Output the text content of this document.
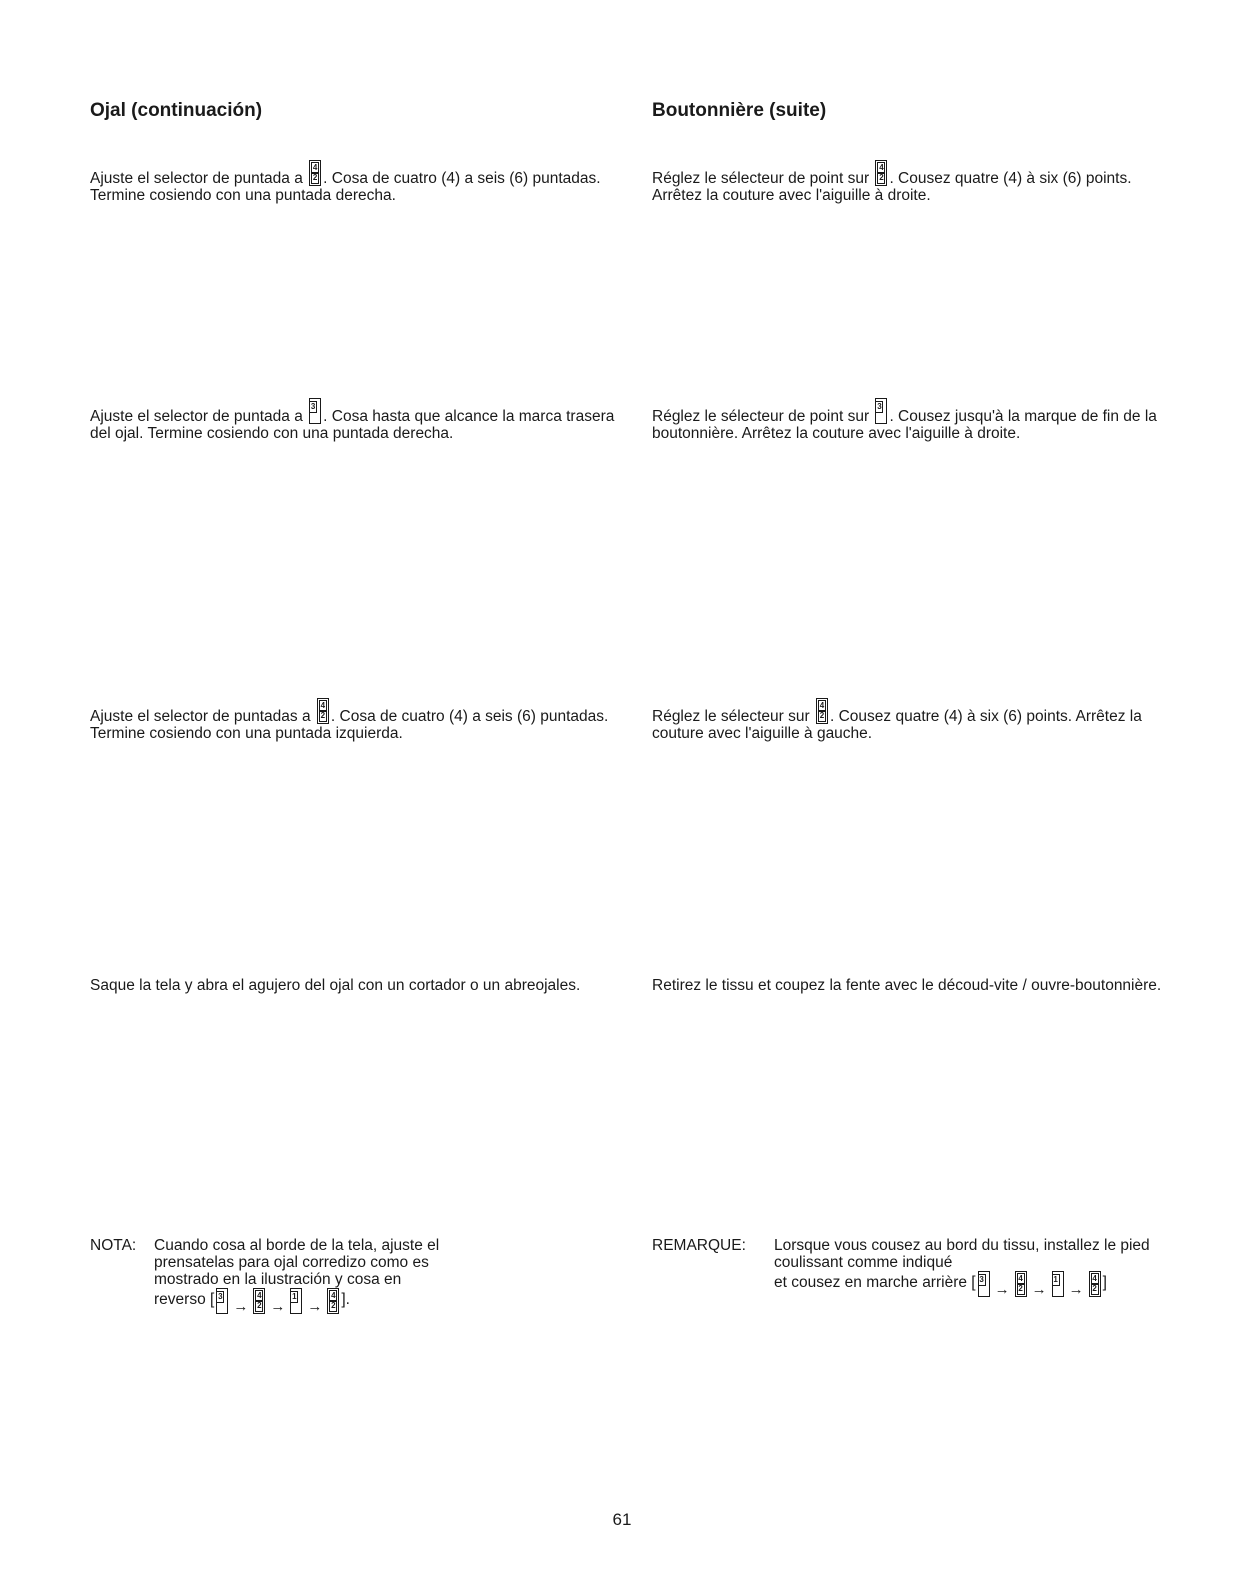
Ojal (continuación)

Ajuste el selector de puntada a $\frac{4}{2}$ . Cosa de cuatro (4) a seis (6) puntadas. Termine cosiendo con una puntada derecha.

Ajuste el selector de puntada a
3
. Cosa hasta que alcance la marca trasera del ojal. Termine cosiendo con una puntada derecha.

Ajuste el selector de puntadas a $\frac{4}{2}$ . Cosa de cuatro (4) a seis (6) puntadas. Termine cosiendo con una puntada izquierda.

Saque la tela y abra el agujero del ojal con un cortador o un abreojales.

NOTA: Cuando cosa al borde de la tela, ajuste el prensatelas para ojal corredizo como es mostrado en la ilustración y cosa en
reverso [ 3
→
4
2 →
1
→
4
2 ].
Boutonnière (suite)

Réglez le sélecteur de point sur $\frac{4}{2}$ . Cousez quatre (4) à six (6) points. Arrêtez la couture avec l'aiguille à droite.

Réglez le sélecteur de point sur
3
. Cousez jusqu'à la marque de fin de la boutonnière. Arrêtez la couture avec l'aiguille à droite.

Réglez le sélecteur sur $\frac{4}{2}$ . Cousez quatre (4) à six (6) points. Arrêtez la couture avec l'aiguille à gauche.

Retirez le tissu et coupez la fente avec le découd-vite / ouvre-boutonnière.

REMARQUE: Lorsque vous cousez au bord du tissu, installez le pied coulissant comme indiqué
et cousez en marche arrière [ 3
→
4
2 →
1
→
4
2 ]
61
